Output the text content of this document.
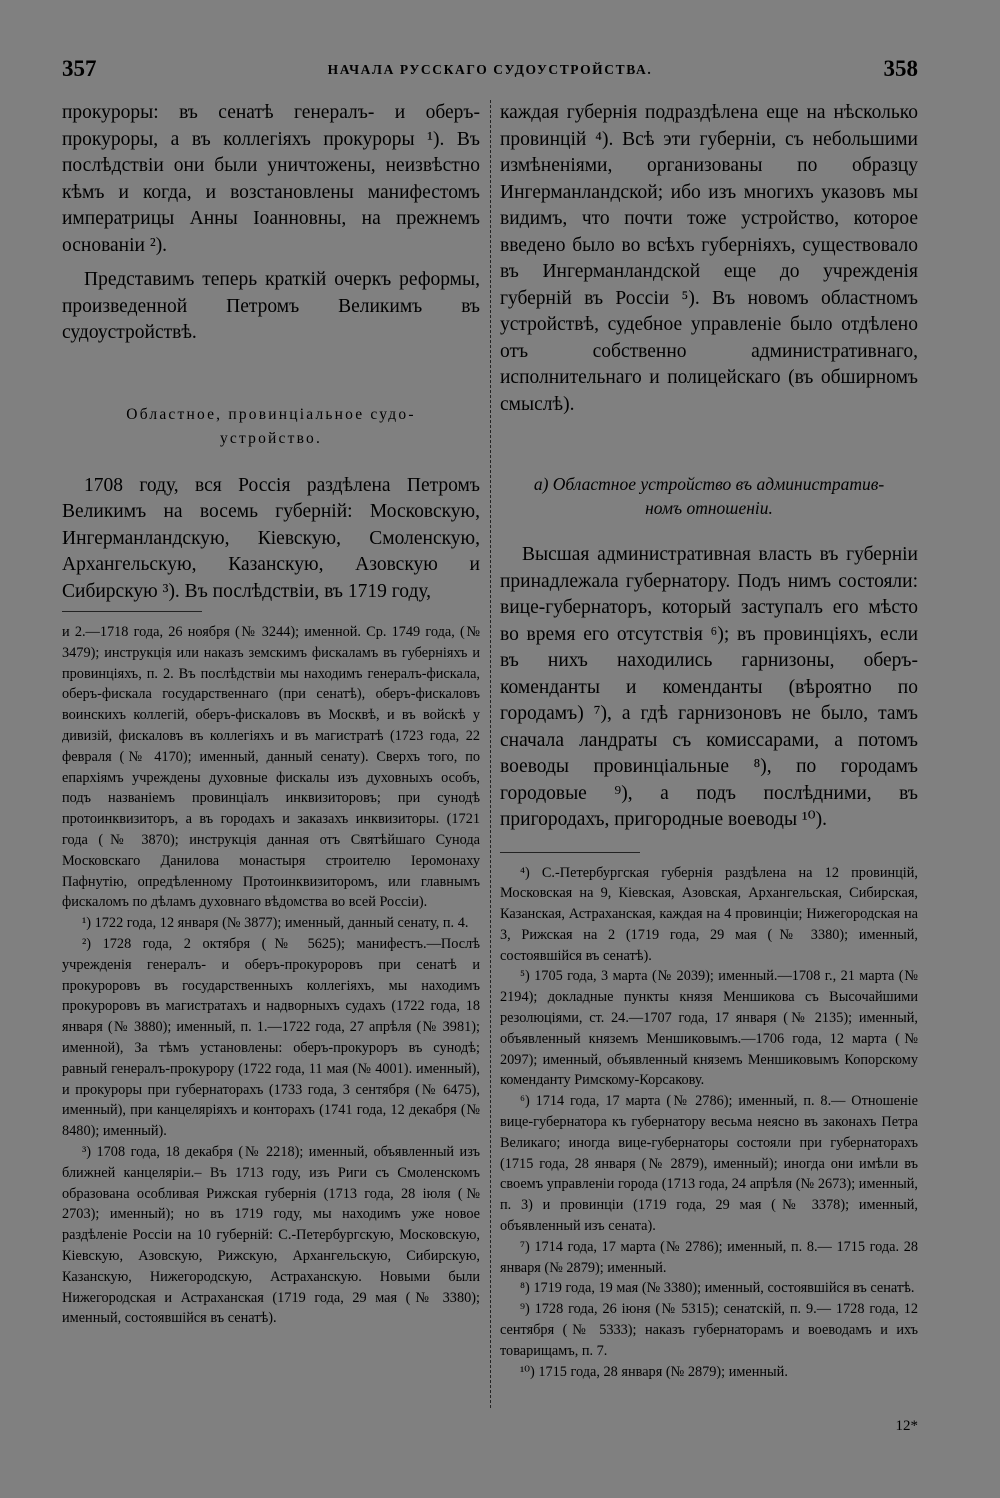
357	НАЧАЛА РУССКАГО СУДОУСТРОЙСТВА.	358

прокуроры: въ сенатѣ генералъ- и оберъ-прокуроры, а въ коллегіяхъ прокуроры ¹). Въ послѣдствіи они были уничтожены, неизвѣстно кѣмъ и когда, и возстановлены манифестомъ императрицы Анны Іоанновны, на прежнемъ основаніи ²).

Представимъ теперь краткій очеркъ реформы, произведенной Петромъ Великимъ въ судоустройствѣ.

Областное, провинціальное судо-

устройство.

1708 году, вся Россія раздѣлена Петромъ Великимъ на восемь губерній: Московскую, Ингерманландскую, Кіевскую, Смоленскую, Архангельскую, Казанскую, Азовскую и Сибирскую ³). Въ послѣдствіи, въ 1719 году,

и 2.—1718 года, 26 ноября (№ 3244); именной. Ср. 1749 года, (№ 3479); инструкція или наказъ земскимъ фискаламъ въ губерніяхъ и провинціяхъ, п. 2. Въ послѣдствіи мы находимъ генералъ-фискала, оберъ-фискала государственнаго (при сенатѣ), оберъ-фискаловъ воинскихъ коллегій, оберъ-фискаловъ въ Москвѣ, и въ войскѣ у дивизій, фискаловъ въ коллегіяхъ и въ магистратѣ (1723 года, 22 февраля (№ 4170); именный, данный сенату). Сверхъ того, по епархіямъ учреждены духовные фискалы изъ духовныхъ особъ, подъ названіемъ провинціалъ инквизиторовъ; при сунодѣ протоинквизиторъ, а въ городахъ и заказахъ инквизиторы. (1721 года (№ 3870); инструкція данная отъ Святѣйшаго Сунода Московскаго Данилова монастыря строителю Іеромонаху Пафнутію, опредѣленному Протоинквизиторомъ, или главнымъ фискаломъ по дѣламъ духовнаго вѣдомства во всей Россіи).

¹) 1722 года, 12 января (№ 3877); именный, данный сенату, п. 4.

²) 1728 года, 2 октября (№ 5625); манифестъ.—Послѣ учрежденія генералъ- и оберъ-прокуроровъ при сенатѣ и прокуроровъ въ государственныхъ коллегіяхъ, мы находимъ прокуроровъ въ магистратахъ и надворныхъ судахъ (1722 года, 18 января (№ 3880); именный, п. 1.—1722 года, 27 апрѣля (№ 3981); именной), За тѣмъ установлены: оберъ-прокуроръ въ сунодѣ; равный генералъ-прокурору (1722 года, 11 мая (№ 4001). именный), и прокуроры при губернаторахъ (1733 года, 3 сентября (№ 6475), именный), при канцеляріяхъ и конторахъ (1741 года, 12 декабря (№ 8480); именный).

³) 1708 года, 18 декабря (№ 2218); именный, объявленный изъ ближней канцеляріи.– Въ 1713 году, изъ Риги съ Смоленскомъ образована особливая Рижская губернія (1713 года, 28 іюля (№ 2703); именный); но въ 1719 году, мы находимъ уже новое раздѣленіе Россіи на 10 губерній: С.-Петербургскую, Московскую, Кіевскую, Азовскую, Рижскую, Архангельскую, Сибирскую, Казанскую, Нижегородскую, Астраханскую. Новыми были Нижегородская и Астраханская (1719 года, 29 мая (№ 3380); именный, состоявшійся въ сенатѣ).

каждая губернія подраздѣлена еще на нѣсколько провинцій ⁴). Всѣ эти губерніи, съ небольшими измѣненіями, организованы по образцу Ингерманландской; ибо изъ многихъ указовъ мы видимъ, что почти тоже устройство, которое введено было во всѣхъ губерніяхъ, существовало въ Ингерманландской еще до учрежденія губерній въ Россіи ⁵). Въ новомъ областномъ устройствѣ, судебное управленіе было отдѣлено отъ собственно административнаго, исполнительнаго и полицейскаго (въ обширномъ смыслѣ).

a) Областное устройство въ административ-

номъ отношеніи.

Высшая административная власть въ губерніи принадлежала губернатору. Подъ нимъ состояли: вице-губернаторъ, который заступалъ его мѣсто во время его отсутствія ⁶); въ провинціяхъ, если въ нихъ находились гарнизоны, оберъ-коменданты и коменданты (вѣроятно по городамъ) ⁷), а гдѣ гарнизоновъ не было, тамъ сначала ландраты съ комиссарами, а потомъ воеводы провинціальные ⁸), по городамъ городовые ⁹), а подъ послѣдними, въ пригородахъ, пригородные воеводы ¹⁰).

⁴) С.-Петербургская губернія раздѣлена на 12 провинцій, Московская на 9, Кіевская, Азовская, Архангельская, Сибирская, Казанская, Астраханская, каждая на 4 провинціи; Нижегородская на 3, Рижская на 2 (1719 года, 29 мая (№ 3380); именный, состоявшійся въ сенатѣ).

⁵) 1705 года, 3 марта (№ 2039); именный.—1708 г., 21 марта (№ 2194); докладные пункты князя Меншикова съ Высочайшими резолюціями, ст. 24.—1707 года, 17 января (№ 2135); именный, объявленный княземъ Меншиковымъ.—1706 года, 12 марта (№ 2097); именный, объявленный княземъ Меншиковымъ Копорскому коменданту Римскому-Корсакову.

⁶) 1714 года, 17 марта (№ 2786); именный, п. 8.— Отношеніе вице-губернатора къ губернатору весьма неясно въ законахъ Петра Великаго; иногда вице-губернаторы состояли при губернаторахъ (1715 года, 28 января (№ 2879), именный); иногда они имѣли въ своемъ управленіи города (1713 года, 24 апрѣля (№ 2673); именный, п. 3) и провинціи (1719 года, 29 мая (№ 3378); именный, объявленный изъ сената).

⁷) 1714 года, 17 марта (№ 2786); именный, п. 8.— 1715 года. 28 января (№ 2879); именный.

⁸) 1719 года, 19 мая (№ 3380); именный, состоявшійся въ сенатѣ.

⁹) 1728 года, 26 іюня (№ 5315); сенатскій, п. 9.— 1728 года, 12 сентября (№ 5333); наказъ губернаторамъ и воеводамъ и ихъ товарищамъ, п. 7.

¹⁰) 1715 года, 28 января (№ 2879); именный.

12*
